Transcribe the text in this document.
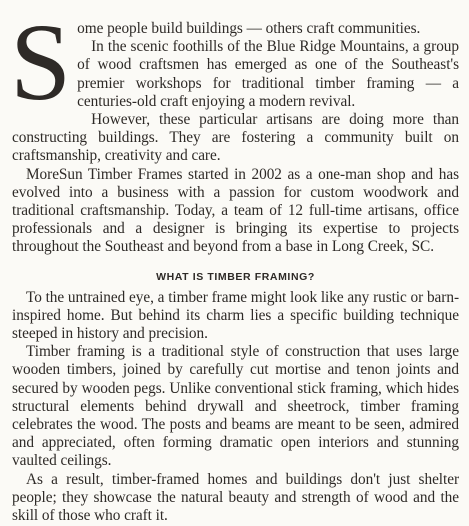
S ome people build buildings — others craft communities.

In the scenic foothills of the Blue Ridge Mountains, a group of wood craftsmen has emerged as one of the Southeast's premier workshops for traditional timber framing — a centuries-old craft enjoying a modern revival.

However, these particular artisans are doing more than constructing buildings. They are fostering a community built on craftsmanship, creativity and care.

MoreSun Timber Frames started in 2002 as a one-man shop and has evolved into a business with a passion for custom woodwork and traditional craftsmanship. Today, a team of 12 full-time artisans, office professionals and a designer is bringing its expertise to projects throughout the Southeast and beyond from a base in Long Creek, SC.

WHAT IS TIMBER FRAMING?

To the untrained eye, a timber frame might look like any rustic or barn-inspired home. But behind its charm lies a specific building technique steeped in history and precision.

Timber framing is a traditional style of construction that uses large wooden timbers, joined by carefully cut mortise and tenon joints and secured by wooden pegs. Unlike conventional stick framing, which hides structural elements behind drywall and sheetrock, timber framing celebrates the wood. The posts and beams are meant to be seen, admired and appreciated, often forming dramatic open interiors and stunning vaulted ceilings.

As a result, timber-framed homes and buildings don't just shelter people; they showcase the natural beauty and strength of wood and the skill of those who craft it.
